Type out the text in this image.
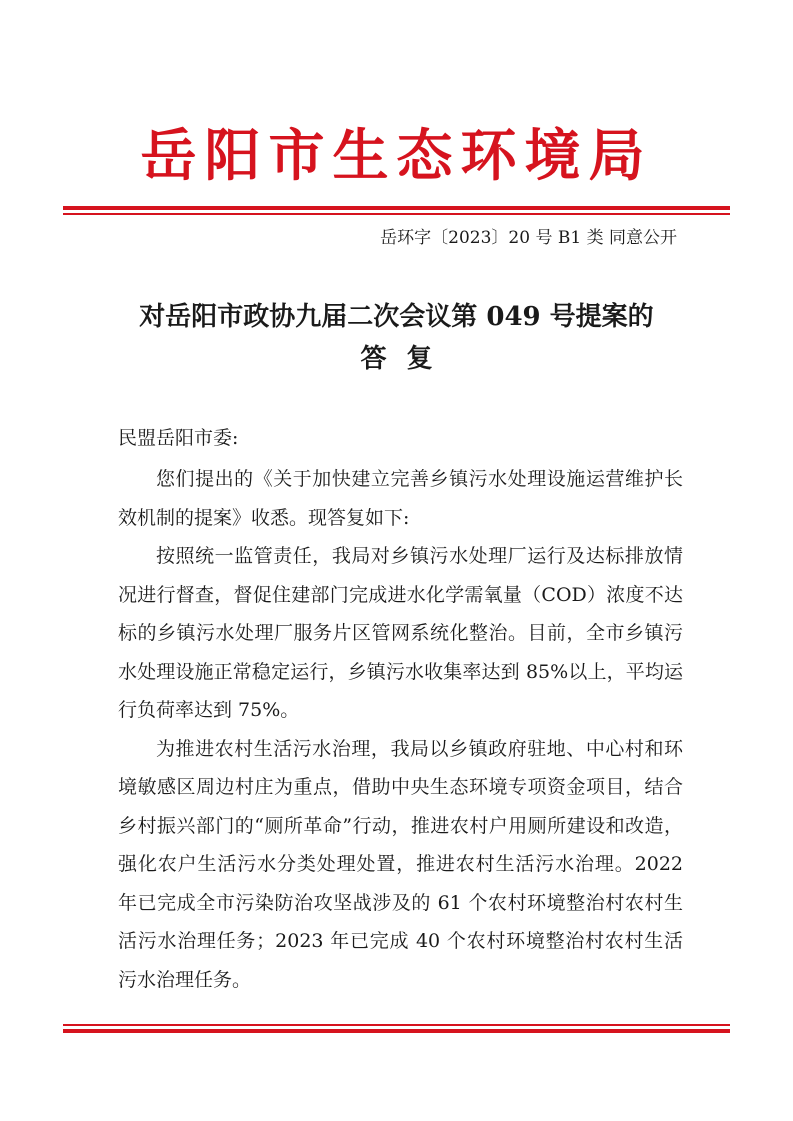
岳阳市生态环境局
岳环字〔2023〕20 号 B1 类 同意公开
对岳阳市政协九届二次会议第 049 号提案的
答复
民盟岳阳市委:

您们提出的《关于加快建立完善乡镇污水处理设施运营维护长效机制的提案》收悉。现答复如下:

按照统一监管责任，我局对乡镇污水处理厂运行及达标排放情况进行督查，督促住建部门完成进水化学需氧量（COD）浓度不达标的乡镇污水处理厂服务片区管网系统化整治。目前，全市乡镇污水处理设施正常稳定运行，乡镇污水收集率达到 85%以上，平均运行负荷率达到 75%。

为推进农村生活污水治理，我局以乡镇政府驻地、中心村和环境敏感区周边村庄为重点，借助中央生态环境专项资金项目，结合乡村振兴部门的“厕所革命”行动，推进农村户用厕所建设和改造，强化农户生活污水分类处理处置，推进农村生活污水治理。2022 年已完成全市污染防治攻坚战涉及的 61 个农村环境整治村农村生活污水治理任务；2023 年已完成 40 个农村环境整治村农村生活污水治理任务。
